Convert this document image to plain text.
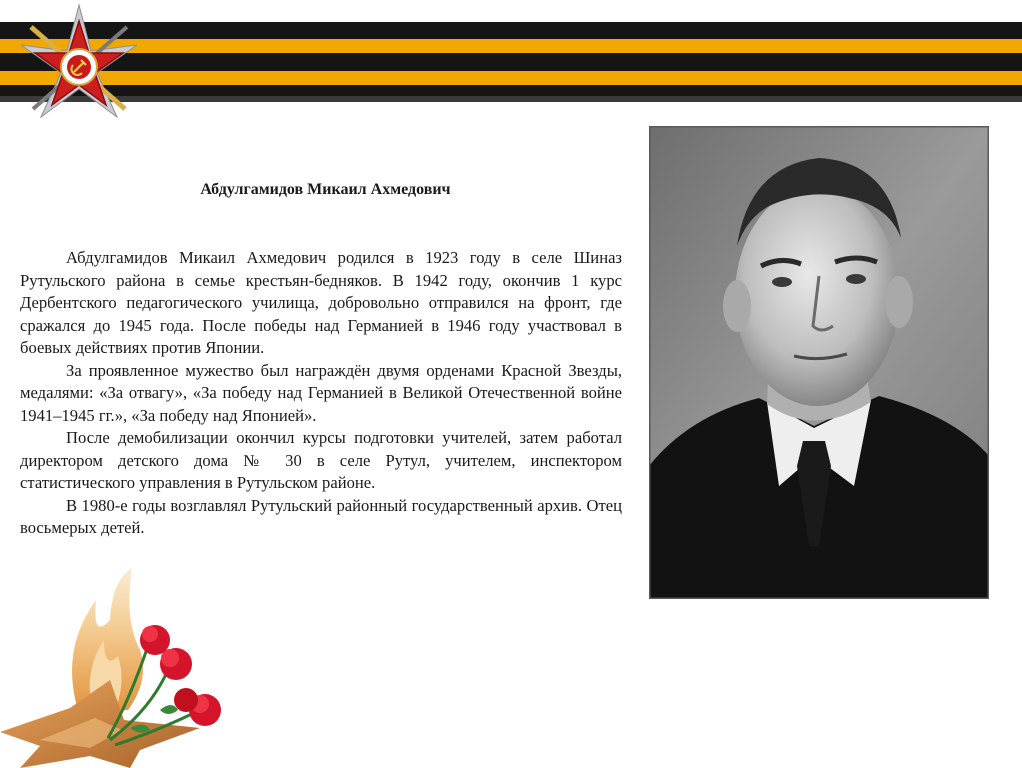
Абдулгамидов Микаил Ахмедович

Абдулгамидов Микаил Ахмедович родился в 1923 году в селе Шиназ Рутульского района в семье крестьян-бедняков. В 1942 году, окончив 1 курс Дербентского педагогического училища, добровольно отправился на фронт, где сражался до 1945 года. После победы над Германией в 1946 году участвовал в боевых действиях против Японии.

За проявленное мужество был награждён двумя орденами Красной Звезды, медалями: «За отвагу», «За победу над Германией в Великой Отечественной войне 1941–1945 гг.», «За победу над Японией».

После демобилизации окончил курсы подготовки учителей, затем работал директором детского дома № 30 в селе Рутул, учителем, инспектором статистического управления в Рутульском районе.

В 1980-е годы возглавлял Рутульский районный государственный архив. Отец восьмерых детей.
